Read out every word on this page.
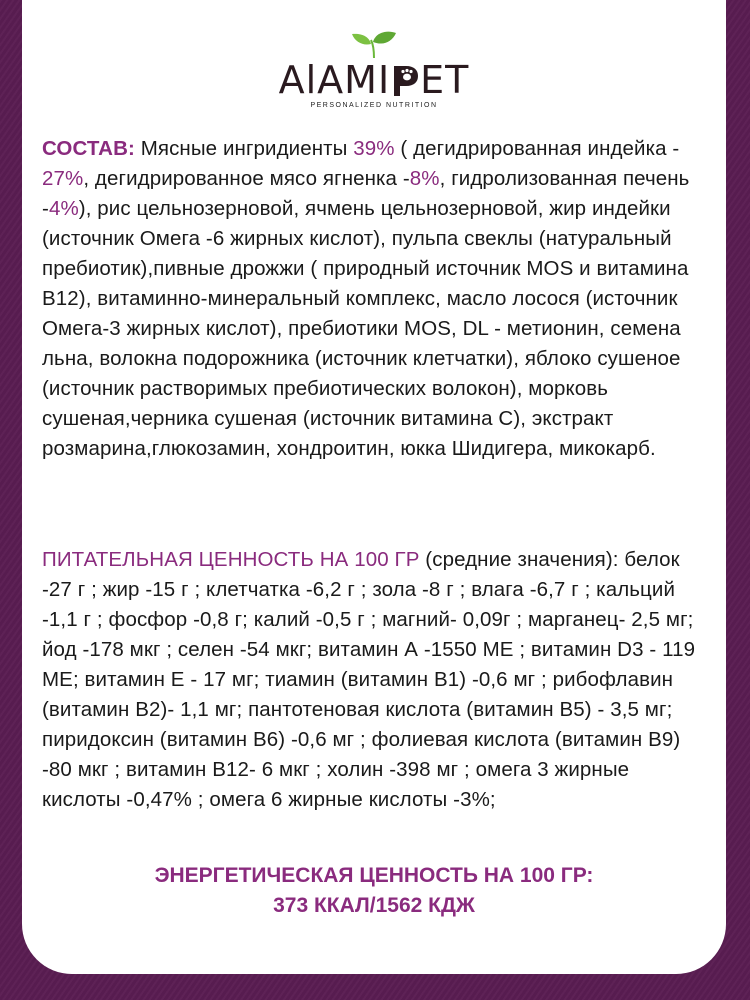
AlAMI ET
PERSONALIZED NUTRITION
СОСТАВ: Мясные ингридиенты 39% ( дегидрированная индейка - 27%, дегидрированное мясо ягненка -8%, гидролизованная печень -4%), рис цельнозерновой, ячмень цельнозерновой, жир индейки (источник Омега -6 жирных кислот), пульпа свеклы (натуральный пребиотик),пивные дрожжи ( природный источник MOS и витамина B12), витаминно-минеральный комплекс, масло лосося (источник Омега-3 жирных кислот), пребиотики MOS, DL - метионин, семена льна, волокна подорожника (источник клетчатки), яблоко сушеное (источник растворимых пребиотических волокон), морковь сушеная,черника сушеная (источник витамина С), экстракт розмарина,глюкозамин, хондроитин, юкка Шидигера, микокарб.
ПИТАТЕЛЬНАЯ ЦЕННОСТЬ НА 100 ГР (средние значения): белок -27 г ; жир -15 г ; клетчатка -6,2 г ; зола -8 г ; влага -6,7 г ; кальций -1,1 г ; фосфор -0,8 г; калий -0,5 г ; магний- 0,09г ; марганец- 2,5 мг; йод -178 мкг ; селен -54 мкг; витамин А -1550 МЕ ; витамин D3 - 119 МЕ; витамин Е - 17 мг; тиамин (витамин В1) -0,6 мг ; рибофлавин (витамин В2)- 1,1 мг; пантотеновая кислота (витамин В5) - 3,5 мг; пиридоксин (витамин В6) -0,6 мг ; фолиевая кислота (витамин В9) -80 мкг ; витамин В12- 6 мкг ; холин -398 мг ; омега 3 жирные кислоты -0,47% ; омега 6 жирные кислоты -3%;
ЭНЕРГЕТИЧЕСКАЯ ЦЕННОСТЬ НА 100 ГР:
373 ККАЛ/1562 КДЖ
